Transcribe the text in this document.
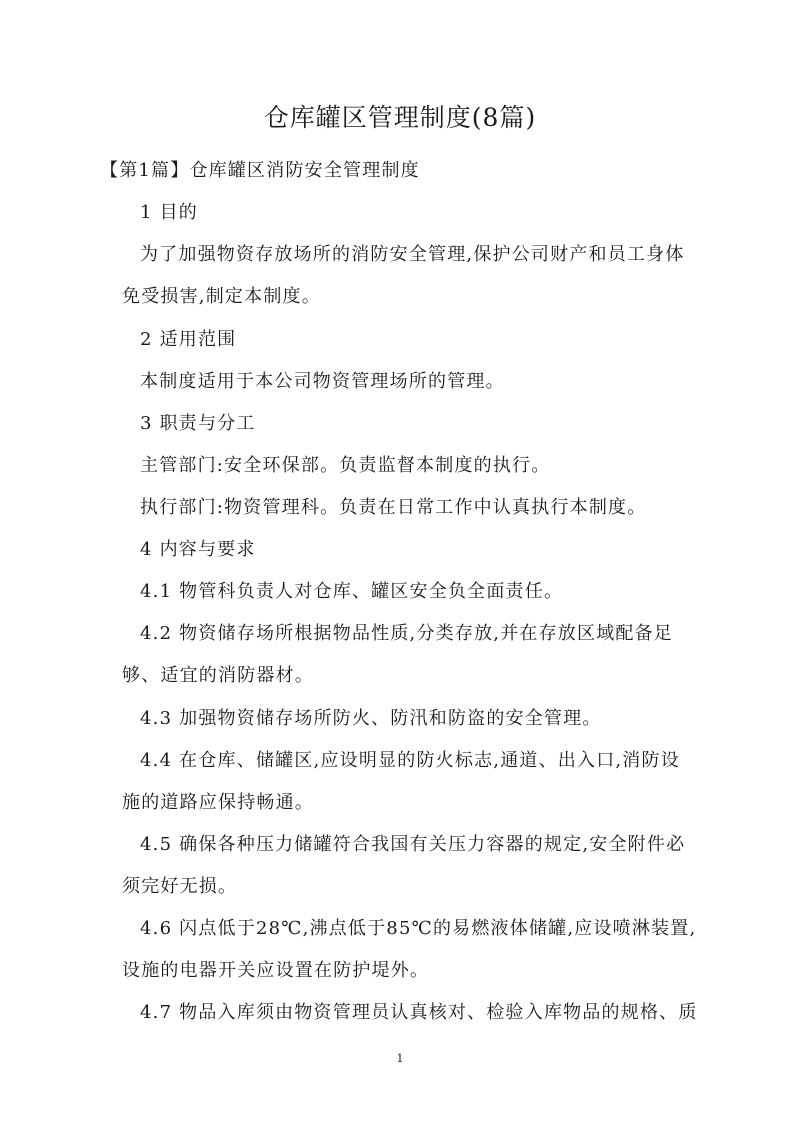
仓库罐区管理制度(8篇)
【第1篇】仓库罐区消防安全管理制度
1 目的
为了加强物资存放场所的消防安全管理,保护公司财产和员工身体
免受损害,制定本制度。
2 适用范围
本制度适用于本公司物资管理场所的管理。
3 职责与分工
主管部门:安全环保部。负责监督本制度的执行。
执行部门:物资管理科。负责在日常工作中认真执行本制度。
4 内容与要求
4.1 物管科负责人对仓库、罐区安全负全面责任。
4.2 物资储存场所根据物品性质,分类存放,并在存放区域配备足
够、适宜的消防器材。
4.3 加强物资储存场所防火、防汛和防盗的安全管理。
4.4 在仓库、储罐区,应设明显的防火标志,通道、出入口,消防设
施的道路应保持畅通。
4.5 确保各种压力储罐符合我国有关压力容器的规定,安全附件必
须完好无损。
4.6 闪点低于28℃,沸点低于85℃的易燃液体储罐,应设喷淋装置,
设施的电器开关应设置在防护堤外。
4.7 物品入库须由物资管理员认真核对、检验入库物品的规格、质
1
